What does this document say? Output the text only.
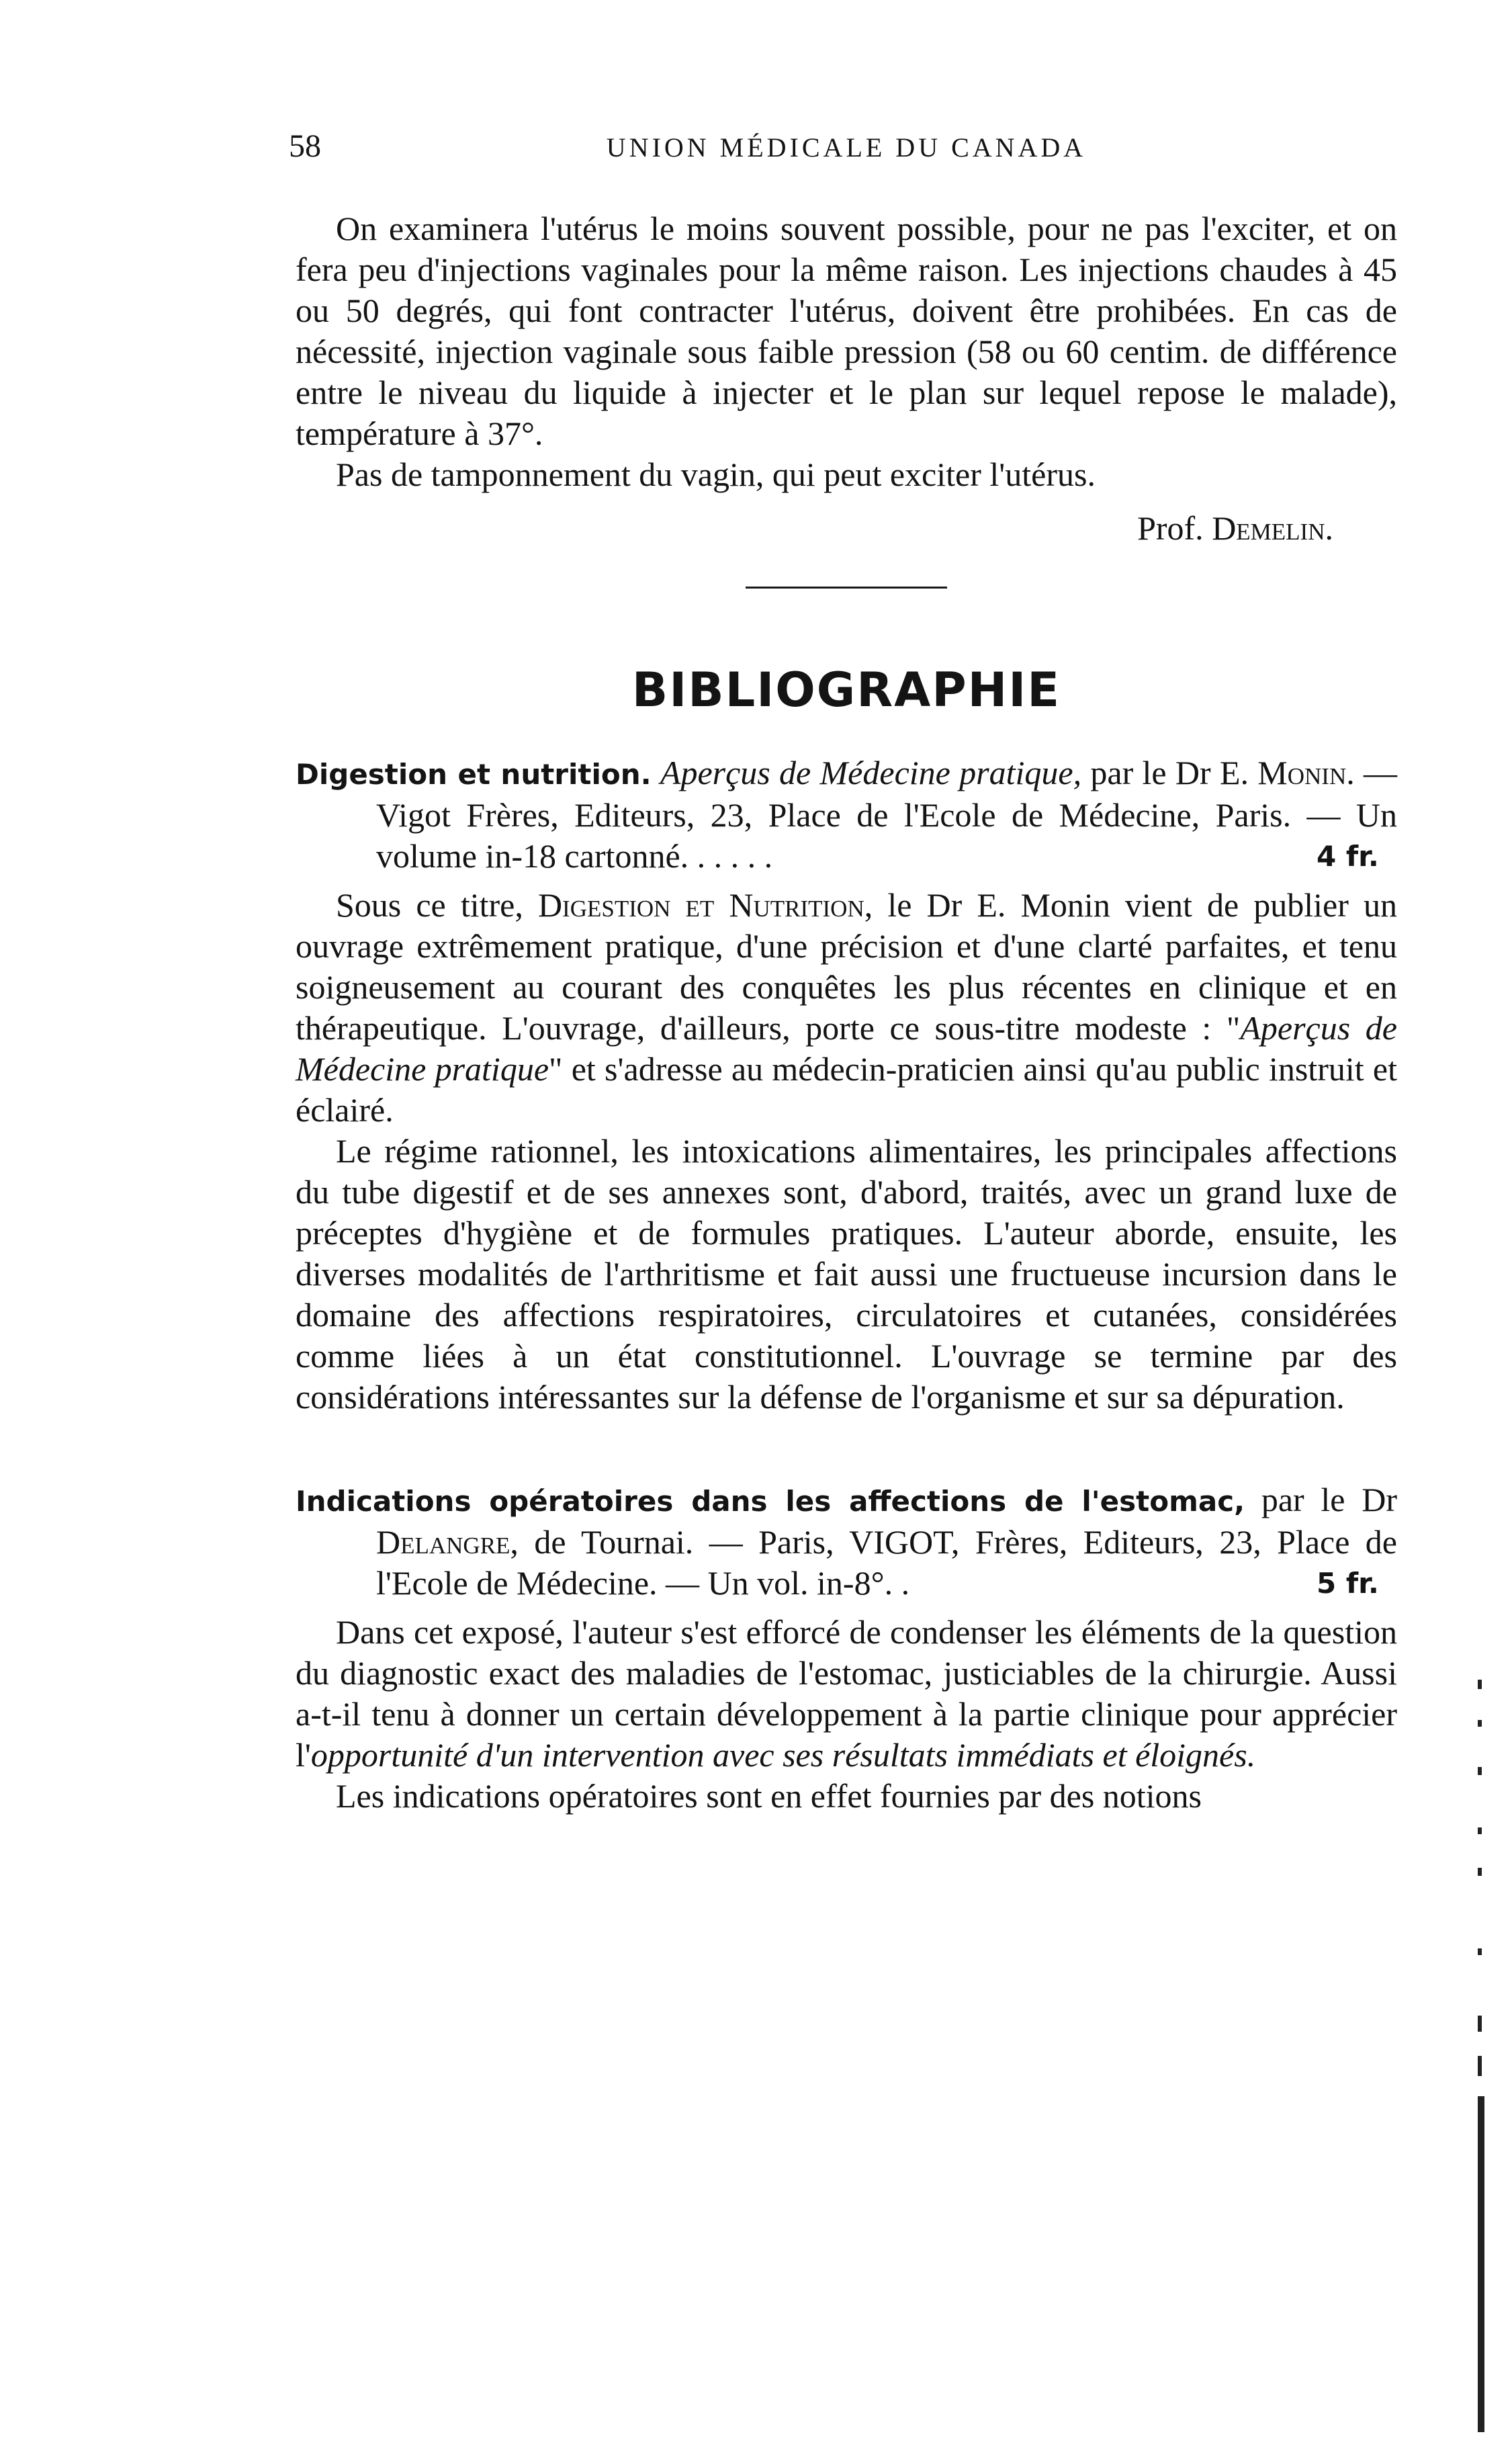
58	UNION MÉDICALE DU CANADA

On examinera l'utérus le moins souvent possible, pour ne pas l'exciter, et on fera peu d'injections vaginales pour la même raison. Les injections chaudes à 45 ou 50 degrés, qui font contracter l'utérus, doivent être prohibées. En cas de nécessité, injection vaginale sous faible pression (58 ou 60 centim. de différence entre le niveau du liquide à injecter et le plan sur lequel repose le malade), température à 37°.

Pas de tamponnement du vagin, qui peut exciter l'utérus.

Prof. Demelin.

BIBLIOGRAPHIE

Digestion et nutrition. Aperçus de Médecine pratique, par le Dr E. Monin. — Vigot Frères, Editeurs, 23, Place de l'Ecole de Médecine, Paris. — Un volume in-18 cartonné. . . . . .	4 fr.

Sous ce titre, Digestion et Nutrition, le Dr E. Monin vient de publier un ouvrage extrêmement pratique, d'une précision et d'une clarté parfaites, et tenu soigneusement au courant des conquêtes les plus récentes en clinique et en thérapeutique. L'ouvrage, d'ailleurs, porte ce sous-titre modeste : "Aperçus de Médecine pratique" et s'adresse au médecin-praticien ainsi qu'au public instruit et éclairé.

Le régime rationnel, les intoxications alimentaires, les principales affections du tube digestif et de ses annexes sont, d'abord, traités, avec un grand luxe de préceptes d'hygiène et de formules pratiques. L'auteur aborde, ensuite, les diverses modalités de l'arthritisme et fait aussi une fructueuse incursion dans le domaine des affections respiratoires, circulatoires et cutanées, considérées comme liées à un état constitutionnel. L'ouvrage se termine par des considérations intéressantes sur la défense de l'organisme et sur sa dépuration.

Indications opératoires dans les affections de l'estomac, par le Dr Delangre, de Tournai. — Paris, VIGOT, Frères, Editeurs, 23, Place de l'Ecole de Médecine. — Un vol. in-8°. .	5 fr.

Dans cet exposé, l'auteur s'est efforcé de condenser les éléments de la question du diagnostic exact des maladies de l'estomac, justiciables de la chirurgie. Aussi a-t-il tenu à donner un certain développement à la partie clinique pour apprécier l'opportunité d'un intervention avec ses résultats immédiats et éloignés.

Les indications opératoires sont en effet fournies par des notions
